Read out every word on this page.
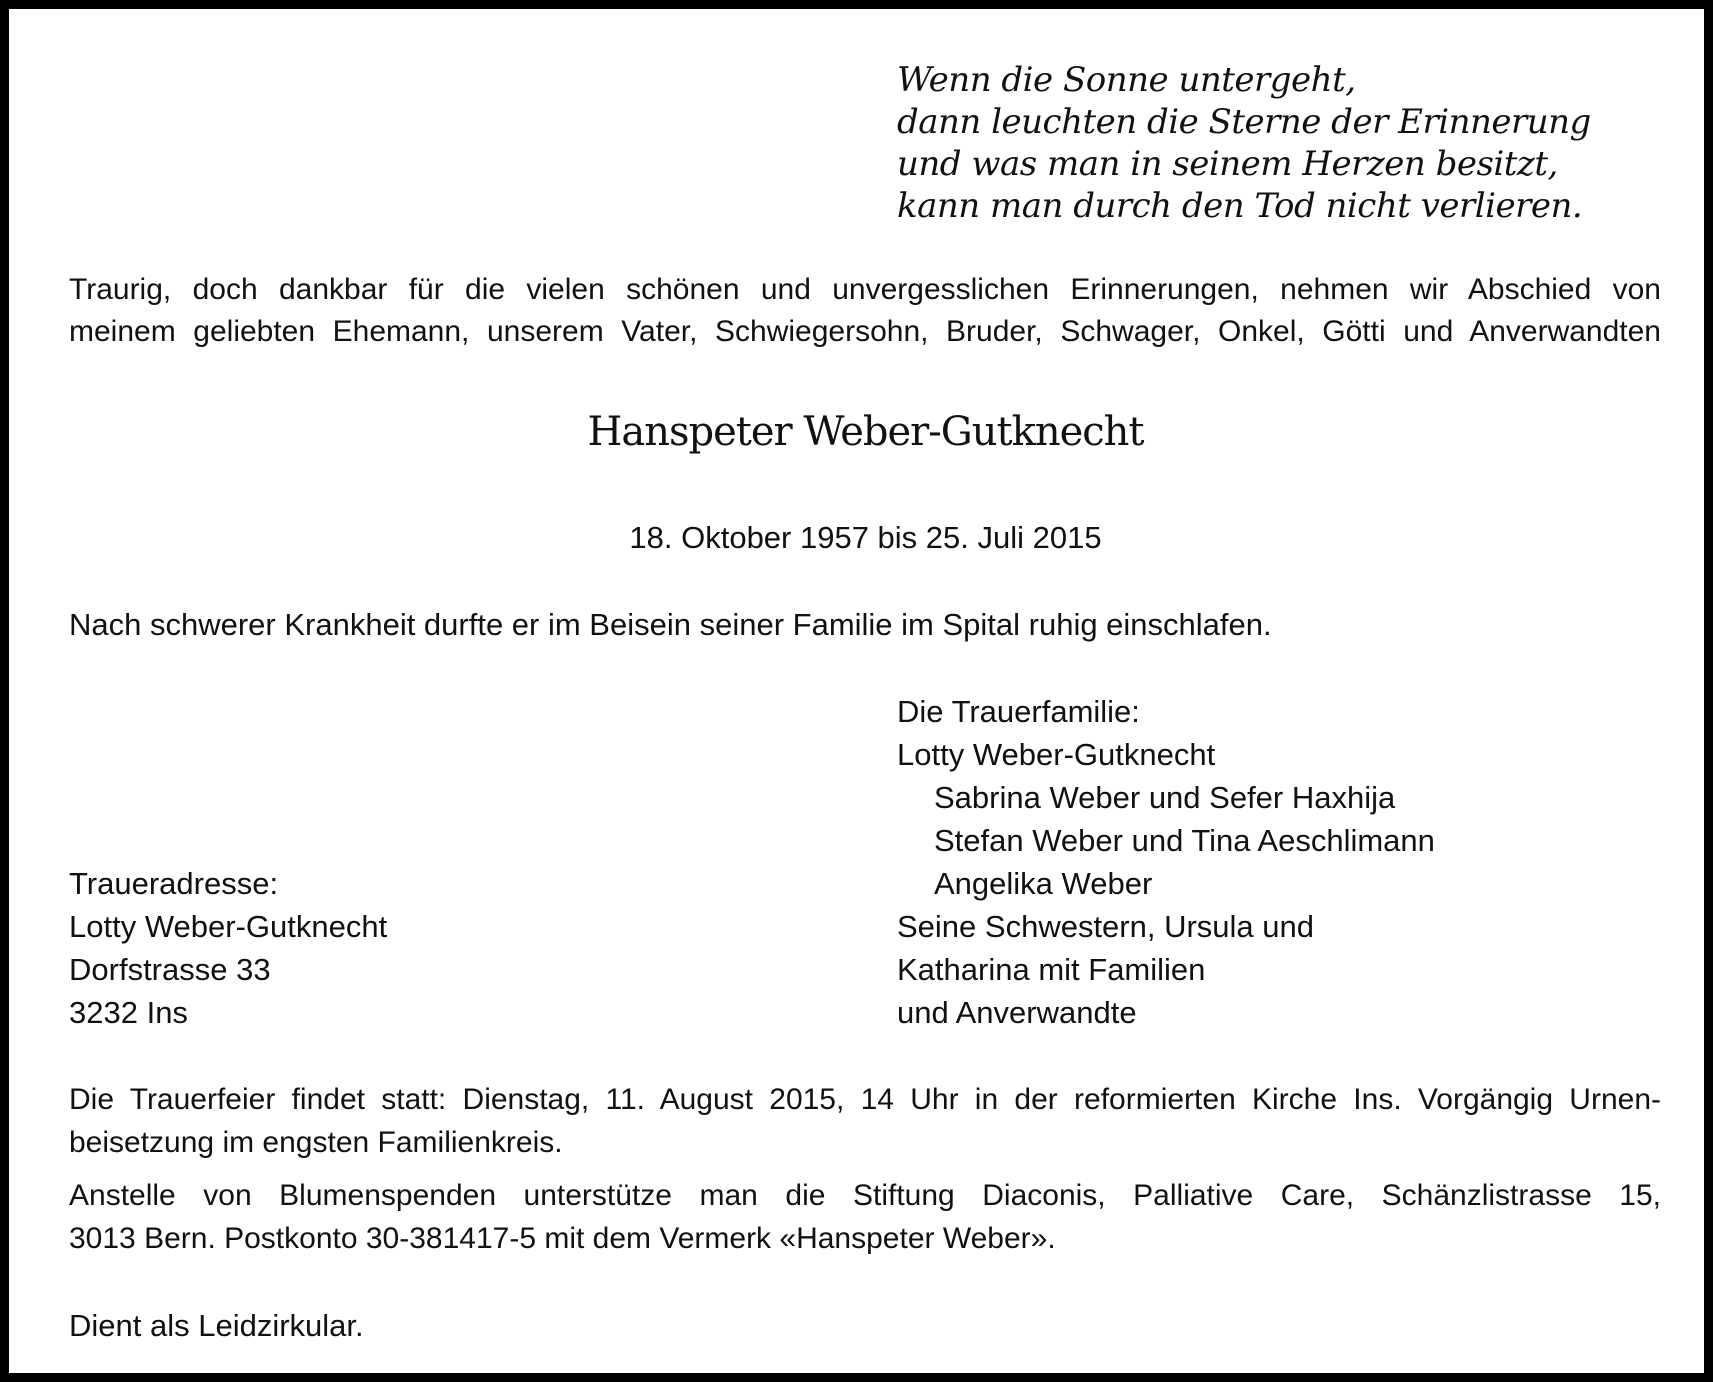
Wenn die Sonne untergeht,
dann leuchten die Sterne der Erinnerung
und was man in seinem Herzen besitzt,
kann man durch den Tod nicht verlieren.
Traurig, doch dankbar für die vielen schönen und unvergesslichen Erinnerungen, nehmen wir Abschied von
meinem geliebten Ehemann, unserem Vater, Schwiegersohn, Bruder, Schwager, Onkel, Götti und Anverwandten
Hanspeter Weber-Gutknecht
18. Oktober 1957 bis 25. Juli 2015
Nach schwerer Krankheit durfte er im Beisein seiner Familie im Spital ruhig einschlafen.
Die Trauerfamilie:
Lotty Weber-Gutknecht
Sabrina Weber und Sefer Haxhija
Stefan Weber und Tina Aeschlimann
Angelika Weber
Seine Schwestern, Ursula und
Katharina mit Familien
und Anverwandte
Traueradresse:
Lotty Weber-Gutknecht
Dorfstrasse 33
3232 Ins
Die Trauerfeier findet statt: Dienstag, 11. August 2015, 14 Uhr in der reformierten Kirche Ins. Vorgängig Urnen-
beisetzung im engsten Familienkreis.
Anstelle von Blumenspenden unterstütze man die Stiftung Diaconis, Palliative Care, Schänzlistrasse 15,
3013 Bern. Postkonto 30-381417-5 mit dem Vermerk «Hanspeter Weber».
Dient als Leidzirkular.
